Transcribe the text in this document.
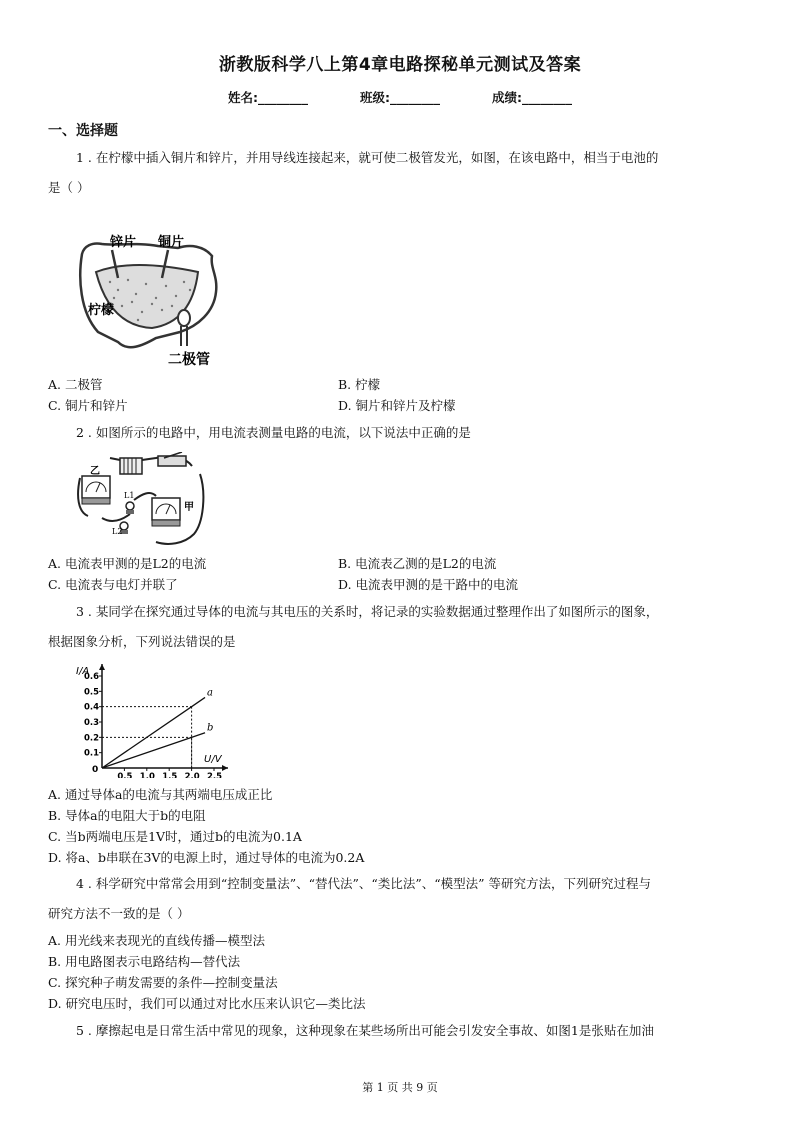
浙教版科学八上第4章电路探秘单元测试及答案
姓名:________	班级:________	成绩:________
一、选择题
1 . 在柠檬中插入铜片和锌片，并用导线连接起来，就可使二极管发光，如图，在该电路中，相当于电池的
是（ ）
锌片 铜片
柠檬
二极管
A. 二极管	B. 柠檬
C. 铜片和锌片	D. 铜片和锌片及柠檬
2 . 如图所示的电路中，用电流表测量电路的电流，以下说法中正确的是
乙
L1
L2
甲
A. 电流表甲测的是L2的电流	B. 电流表乙测的是L2的电流
C. 电流表与电灯并联了	D. 电流表甲测的是干路中的电流
3 . 某同学在探究通过导体的电流与其电压的关系时，将记录的实验数据通过整理作出了如图所示的图象，
根据图象分析，下列说法错误的是
I/A
U/V
0
0.1
0.2
0.3
0.4
0.5
0.6
0.5 1.0 1.5 2.0 2.5
a
b
A. 通过导体a的电流与其两端电压成正比
B. 导体a的电阻大于b的电阻
C. 当b两端电压是1V时，通过b的电流为0.1A
D. 将a、b串联在3V的电源上时，通过导体的电流为0.2A
4 . 科学研究中常常会用到“控制变量法”、“替代法”、“类比法”、“模型法” 等研究方法，下列研究过程与
研究方法不一致的是（ ）
A. 用光线来表现光的直线传播—模型法
B. 用电路图表示电路结构—替代法
C. 探究种子萌发需要的条件—控制变量法
D. 研究电压时，我们可以通过对比水压来认识它—类比法
5 . 摩擦起电是日常生活中常见的现象，这种现象在某些场所出可能会引发安全事故、如图1是张贴在加油
第 1 页 共 9 页
